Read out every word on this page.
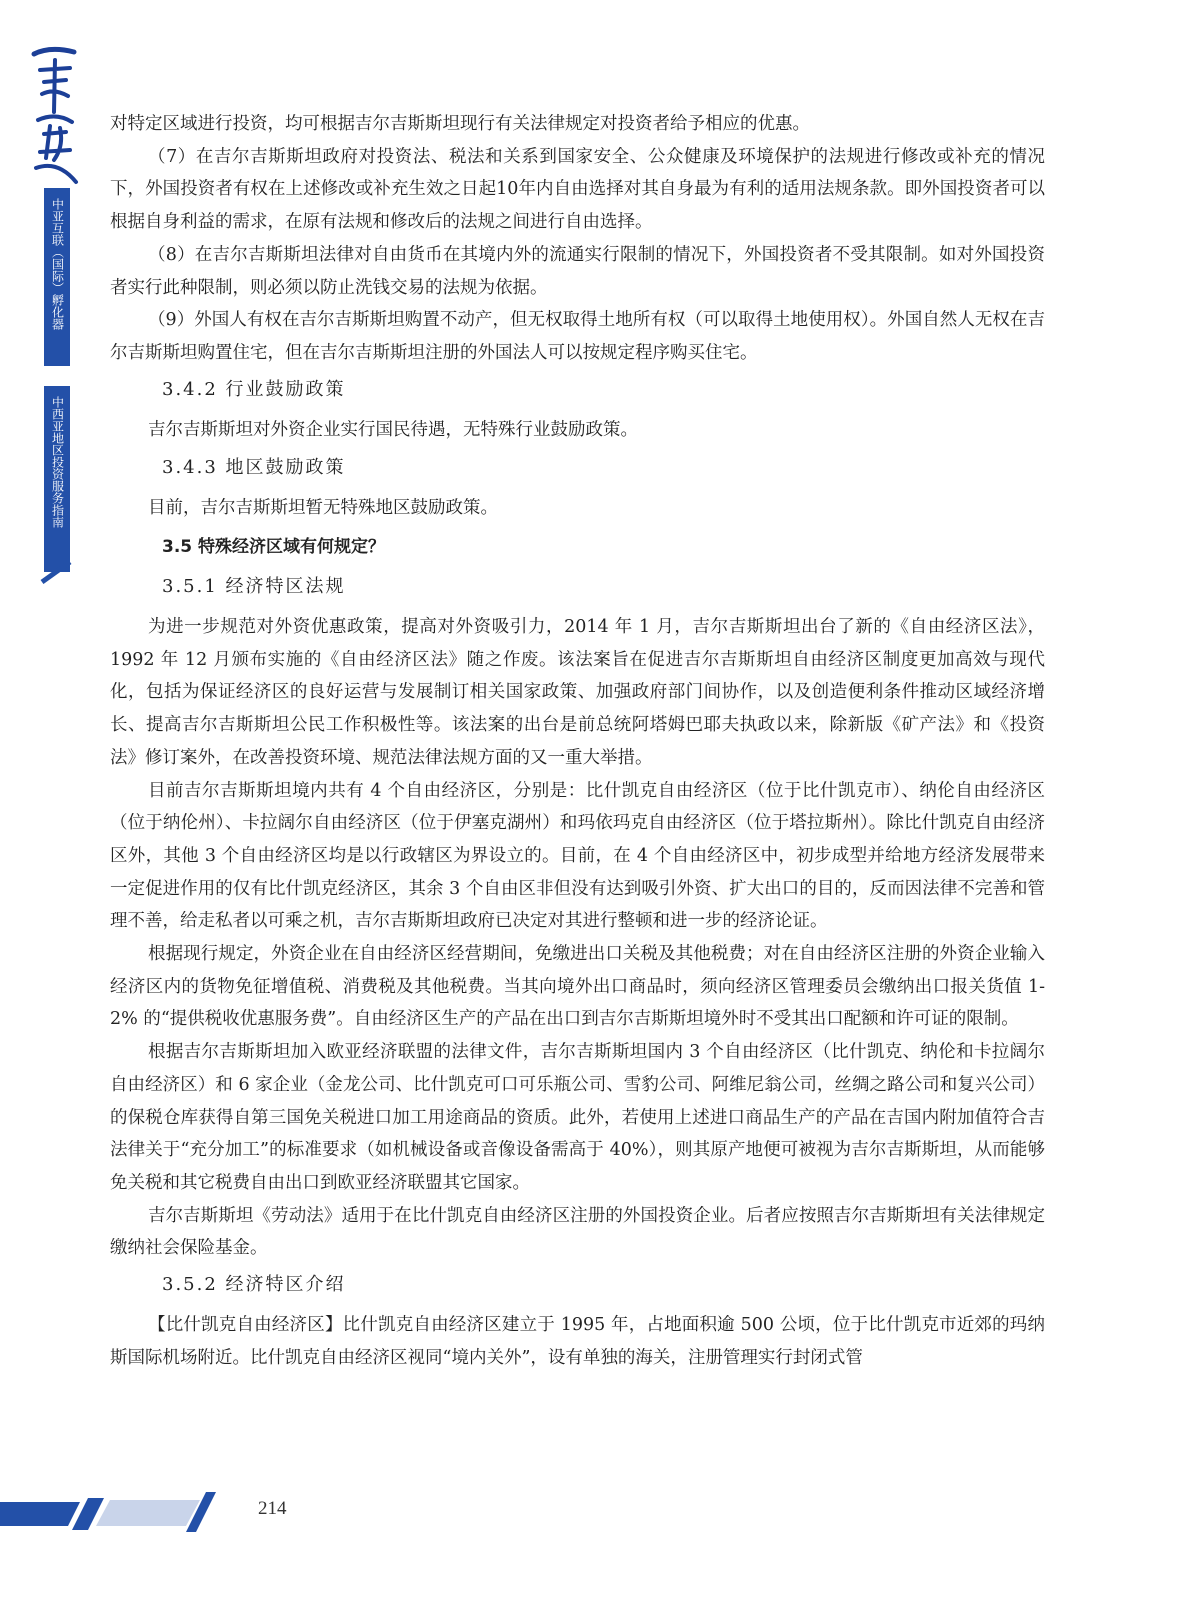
中亚互联（国际）孵化器
中西亚地区投资服务指南

对特定区域进行投资，均可根据吉尔吉斯斯坦现行有关法律规定对投资者给予相应的优惠。

（7）在吉尔吉斯斯坦政府对投资法、税法和关系到国家安全、公众健康及环境保护的法规进行修改或补充的情况下，外国投资者有权在上述修改或补充生效之日起10年内自由选择对其自身最为有利的适用法规条款。即外国投资者可以根据自身利益的需求，在原有法规和修改后的法规之间进行自由选择。

（8）在吉尔吉斯斯坦法律对自由货币在其境内外的流通实行限制的情况下，外国投资者不受其限制。如对外国投资者实行此种限制，则必须以防止洗钱交易的法规为依据。

（9）外国人有权在吉尔吉斯斯坦购置不动产，但无权取得土地所有权（可以取得土地使用权）。外国自然人无权在吉尔吉斯斯坦购置住宅，但在吉尔吉斯斯坦注册的外国法人可以按规定程序购买住宅。

3.4.2 行业鼓励政策

吉尔吉斯斯坦对外资企业实行国民待遇，无特殊行业鼓励政策。

3.4.3 地区鼓励政策

目前，吉尔吉斯斯坦暂无特殊地区鼓励政策。

3.5 特殊经济区域有何规定？
3.5.1 经济特区法规

为进一步规范对外资优惠政策，提高对外资吸引力，2014 年 1 月，吉尔吉斯斯坦出台了新的《自由经济区法》，1992 年 12 月颁布实施的《自由经济区法》随之作废。该法案旨在促进吉尔吉斯斯坦自由经济区制度更加高效与现代化，包括为保证经济区的良好运营与发展制订相关国家政策、加强政府部门间协作，以及创造便利条件推动区域经济增长、提高吉尔吉斯斯坦公民工作积极性等。该法案的出台是前总统阿塔姆巴耶夫执政以来，除新版《矿产法》和《投资法》修订案外，在改善投资环境、规范法律法规方面的又一重大举措。

目前吉尔吉斯斯坦境内共有 4 个自由经济区，分别是：比什凯克自由经济区（位于比什凯克市）、纳伦自由经济区（位于纳伦州）、卡拉阔尔自由经济区（位于伊塞克湖州）和玛依玛克自由经济区（位于塔拉斯州）。除比什凯克自由经济区外，其他 3 个自由经济区均是以行政辖区为界设立的。目前，在 4 个自由经济区中，初步成型并给地方经济发展带来一定促进作用的仅有比什凯克经济区，其余 3 个自由区非但没有达到吸引外资、扩大出口的目的，反而因法律不完善和管理不善，给走私者以可乘之机，吉尔吉斯斯坦政府已决定对其进行整顿和进一步的经济论证。

根据现行规定，外资企业在自由经济区经营期间，免缴进出口关税及其他税费；对在自由经济区注册的外资企业输入经济区内的货物免征增值税、消费税及其他税费。当其向境外出口商品时，须向经济区管理委员会缴纳出口报关货值 1-2% 的“提供税收优惠服务费”。自由经济区生产的产品在出口到吉尔吉斯斯坦境外时不受其出口配额和许可证的限制。

根据吉尔吉斯斯坦加入欧亚经济联盟的法律文件，吉尔吉斯斯坦国内 3 个自由经济区（比什凯克、纳伦和卡拉阔尔自由经济区）和 6 家企业（金龙公司、比什凯克可口可乐瓶公司、雪豹公司、阿维尼翁公司，丝绸之路公司和复兴公司）的保税仓库获得自第三国免关税进口加工用途商品的资质。此外，若使用上述进口商品生产的产品在吉国内附加值符合吉法律关于“充分加工”的标准要求（如机械设备或音像设备需高于 40%），则其原产地便可被视为吉尔吉斯斯坦，从而能够免关税和其它税费自由出口到欧亚经济联盟其它国家。

吉尔吉斯斯坦《劳动法》适用于在比什凯克自由经济区注册的外国投资企业。后者应按照吉尔吉斯斯坦有关法律规定缴纳社会保险基金。

3.5.2 经济特区介绍

【比什凯克自由经济区】比什凯克自由经济区建立于 1995 年，占地面积逾 500 公顷，位于比什凯克市近郊的玛纳斯国际机场附近。比什凯克自由经济区视同“境内关外”，设有单独的海关，注册管理实行封闭式管

214
